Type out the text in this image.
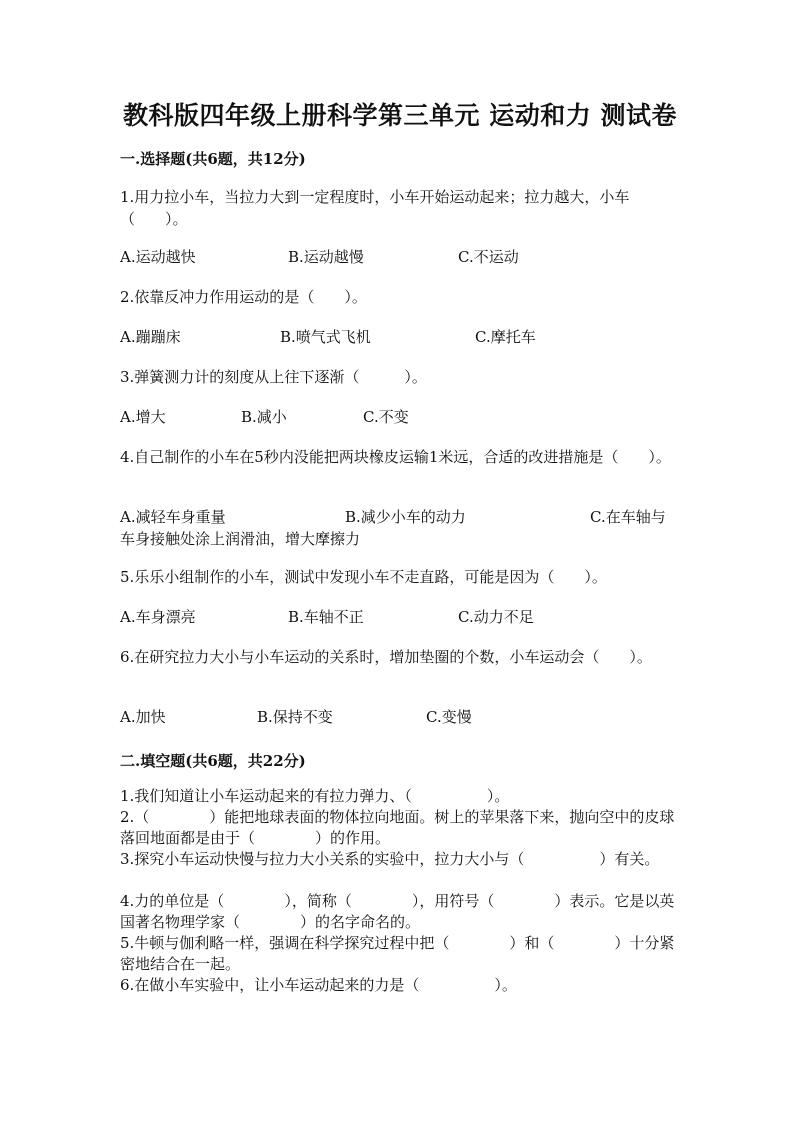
教科版四年级上册科学第三单元 运动和力 测试卷
一.选择题(共6题，共12分)
1.用力拉小车，当拉力大到一定程度时，小车开始运动起来；拉力越大，小车（　　）。
A.运动越快	B.运动越慢	C.不运动
2.依靠反冲力作用运动的是（　　）。
A.蹦蹦床	B.喷气式飞机	C.摩托车
3.弹簧测力计的刻度从上往下逐渐（　　　）。
A.增大	B.减小	C.不变
4.自己制作的小车在5秒内没能把两块橡皮运输1米远，合适的改进措施是（　　）。
A.减轻车身重量	B.减少小车的动力	C.在车轴与
车身接触处涂上润滑油，增大摩擦力
5.乐乐小组制作的小车，测试中发现小车不走直路，可能是因为（　　）。
A.车身漂亮	B.车轴不正	C.动力不足
6.在研究拉力大小与小车运动的关系时，增加垫圈的个数，小车运动会（　　）。
A.加快	B.保持不变	C.变慢
二.填空题(共6题，共22分)
1.我们知道让小车运动起来的有拉力弹力、（　　　　　）。
2.（　　　　）能把地球表面的物体拉向地面。树上的苹果落下来，抛向空中的皮球落回地面都是由于（　　　　）的作用。
3.探究小车运动快慢与拉力大小关系的实验中，拉力大小与（　　　　　）有关。
4.力的单位是（　　　　），简称（　　　　），用符号（　　　　）表示。它是以英国著名物理学家（　　　　）的名字命名的。
5.牛顿与伽利略一样，强调在科学探究过程中把（　　　　）和（　　　　）十分紧密地结合在一起。
6.在做小车实验中，让小车运动起来的力是（　　　　　）。
